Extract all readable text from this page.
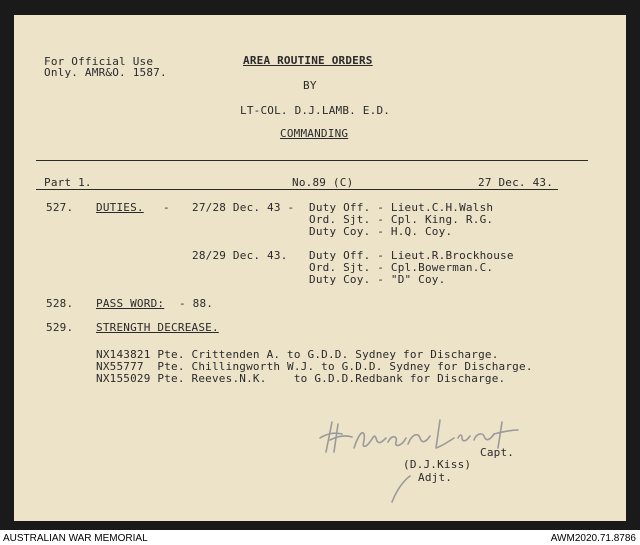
For Official Use
Only. AMR&O. 1587.
AREA ROUTINE ORDERS
BY
LT-COL. D.J.LAMB. E.D.
COMMANDING
Part 1.	No.89 (C)	27 Dec. 43.
527. DUTIES. - 27/28 Dec. 43 - Duty Off. - Lieut.C.H.Walsh
Ord. Sjt. - Cpl. King. R.G.
Duty Coy. - H.Q. Coy.
28/29 Dec. 43. Duty Off. - Lieut.R.Brockhouse
Ord. Sjt. - Cpl.Bowerman.C.
Duty Coy. - "D" Coy.
528. PASS WORD: - 88.
529. STRENGTH DECREASE.
NX143821 Pte. Crittenden A. to G.D.D. Sydney for Discharge.
NX55777  Pte. Chillingworth W.J. to G.D.D. Sydney for Discharge.
NX155029 Pte. Reeves.N.K.    to G.D.D.Redbank for Discharge.
Capt.
(D.J.Kiss)
Adjt.
AUSTRALIAN WAR MEMORIAL	AWM2020.71.8786
